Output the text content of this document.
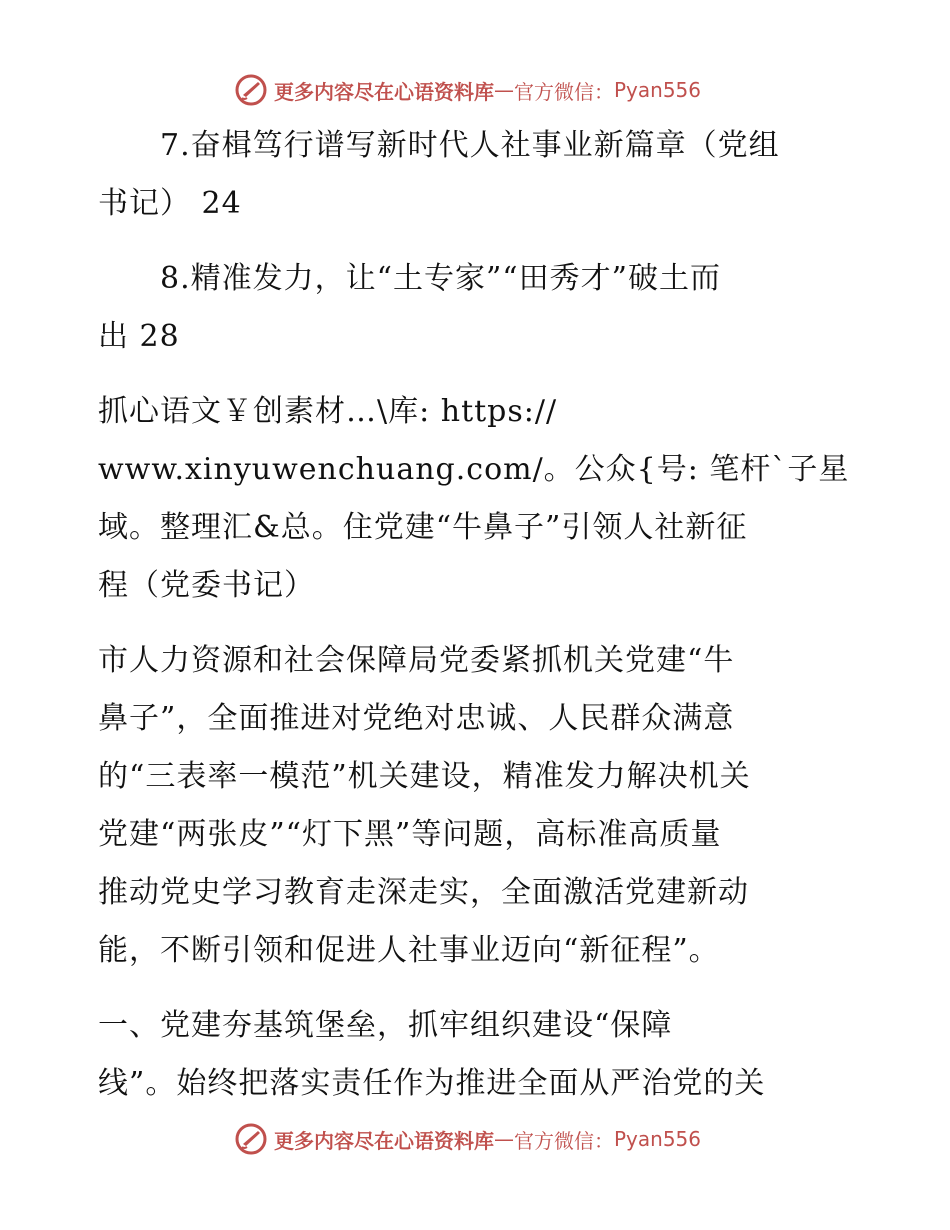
更多内容尽在心语资料库 — 官方微信： Pyan556
　　7.奋楫笃行谱写新时代人社事业新篇章（党组
书记） 24
　　8.精准发力，让“土专家”“田秀才”破土而
出 28
抓心语文￥创素材…\库: https://
www.xinyuwenchuang.com/。公众{号: 笔杆`子星
域。整理汇&总。住党建“牛鼻子”引领人社新征
程（党委书记）
市人力资源和社会保障局党委紧抓机关党建“牛
鼻子”，全面推进对党绝对忠诚、人民群众满意
的“三表率一模范”机关建设，精准发力解决机关
党建“两张皮”“灯下黑”等问题，高标准高质量
推动党史学习教育走深走实，全面激活党建新动
能，不断引领和促进人社事业迈向“新征程”。
一、党建夯基筑堡垒，抓牢组织建设“保障
线”。始终把落实责任作为推进全面从严治党的关
更多内容尽在心语资料库 — 官方微信： Pyan556
